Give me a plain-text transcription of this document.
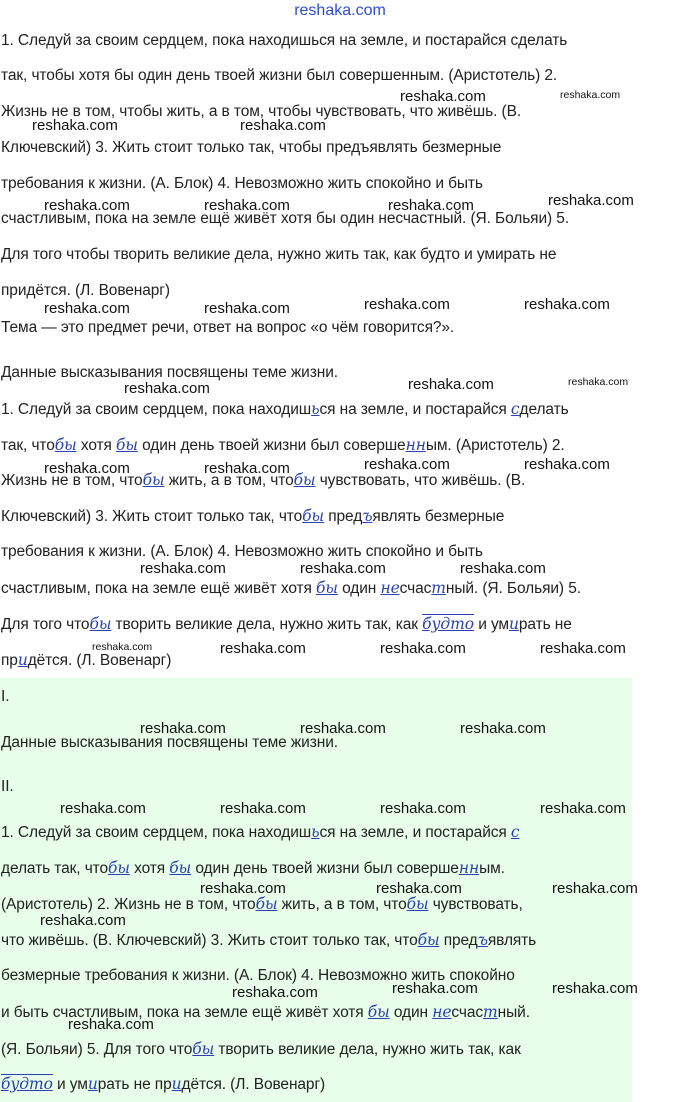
reshaka.com
1. Следуй за своим сердцем, пока находишься на земле, и постарайся сделать
так, чтобы хотя бы один день твоей жизни был совершенным. (Аристотель) 2.
Жизнь не в том, чтобы жить, а в том, чтобы чувствовать, что живёшь. (В.
Ключевский) 3. Жить стоит только так, чтобы предъявлять безмерные
требования к жизни. (А. Блок) 4. Невозможно жить спокойно и быть
счастливым, пока на земле ещё живёт хотя бы один несчастный. (Я. Больяи) 5.
Для того чтобы творить великие дела, нужно жить так, как будто и умирать не
придётся. (Л. Вовенарг)
Тема — это предмет речи, ответ на вопрос «о чём говорится?».
Данные высказывания посвящены теме жизни.
1. Следуй за своим сердцем, пока находишься на земле, и постарайся сделать
так, чтобы хотя бы один день твоей жизни был совершенным. (Аристотель) 2.
Жизнь не в том, чтобы жить, а в том, чтобы чувствовать, что живёшь. (В.
Ключевский) 3. Жить стоит только так, чтобы предъявлять безмерные
требования к жизни. (А. Блок) 4. Невозможно жить спокойно и быть
счастливым, пока на земле ещё живёт хотя бы один несчастный. (Я. Больяи) 5.
Для того чтобы творить великие дела, нужно жить так, как будто и умирать не
придётся. (Л. Вовенарг)
I.
Данные высказывания посвящены теме жизни.
II.
1. Следуй за своим сердцем, пока находишься на земле, и постарайся с
делать так, чтобы хотя бы один день твоей жизни был совершенным.
(Аристотель) 2. Жизнь не в том, чтобы жить, а в том, чтобы чувствовать,
что живёшь. (В. Ключевский) 3. Жить стоит только так, чтобы предъявлять
безмерные требования к жизни. (А. Блок) 4. Невозможно жить спокойно
и быть счастливым, пока на земле ещё живёт хотя бы один несчастный.
(Я. Больяи) 5. Для того чтобы творить великие дела, нужно жить так, как
будто и умирать не придётся. (Л. Вовенарг)
reshaka.com	reshaka.com
reshaka.com	reshaka.com
reshaka.com	reshaka.com	reshaka.com	reshaka.com
reshaka.com	reshaka.com	reshaka.com	reshaka.com
reshaka.com	reshaka.com	reshaka.com
reshaka.com	reshaka.com	reshaka.com	reshaka.com
reshaka.com	reshaka.com	reshaka.com
reshaka.com	reshaka.com	reshaka.com	reshaka.com
reshaka.com	reshaka.com	reshaka.com
reshaka.com	reshaka.com	reshaka.com	reshaka.com
reshaka.com	reshaka.com	reshaka.com
reshaka.com
reshaka.com	reshaka.com	reshaka.com
reshaka.com
